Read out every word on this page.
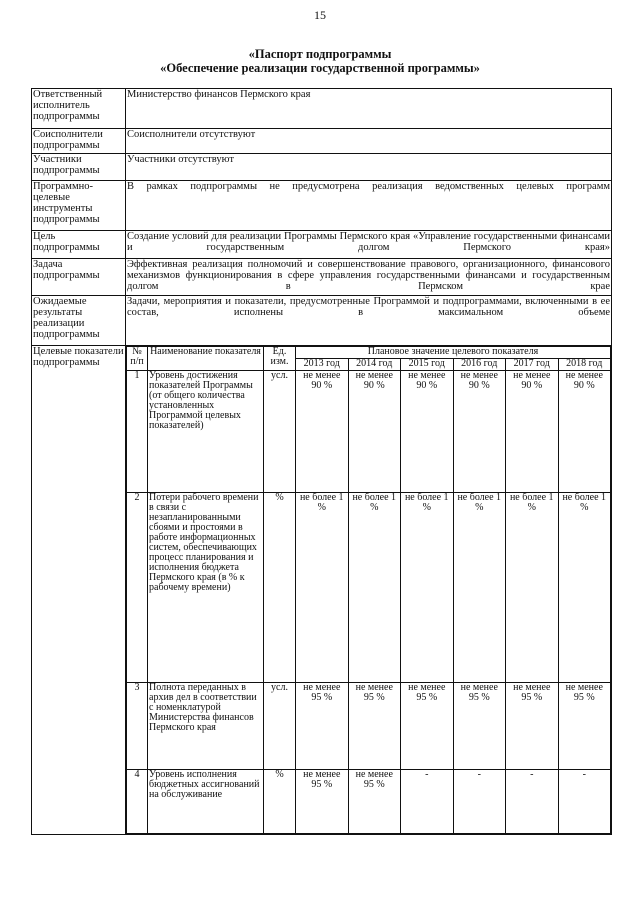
15
«Паспорт подпрограммы
«Обеспечение реализации государственной программы»
Ответственный исполнитель подпрограммы	Министерство финансов Пермского края
Соисполнители подпрограммы	Соисполнители отсутствуют
Участники подпрограммы	Участники отсутствуют
Программно-целевые инструменты подпрограммы	В рамках подпрограммы не предусмотрена реализация ведомственных целевых программ
Цель подпрограммы	Создание условий для реализации Программы Пермского края «Управление государственными финансами и государственным долгом Пермского края»
Задача подпрограммы	Эффективная реализация полномочий и совершенствование правового, организационного, финансового механизмов функционирования в сфере управления государственными финансами и государственным долгом в Пермском крае
Ожидаемые результаты реализации подпрограммы	Задачи, мероприятия и показатели, предусмотренные Программой и подпрограммами, включенными в ее состав, исполнены в максимальном объеме
Целевые показатели подпрограммы	
№ п/п	Наименование показателя	Ед. изм.	Плановое значение целевого показателя
2013 год	2014 год	2015 год	2016 год	2017 год	2018 год
1	Уровень достижения показателей Программы (от общего количества установленных Программой целевых показателей)	усл.	не менее 90 %	не менее 90 %	не менее 90 %	не менее 90 %	не менее 90 %	не менее 90 %
2	Потери рабочего времени в связи с незапланированными сбоями и простоями в работе информационных систем, обеспечивающих процесс планирования и исполнения бюджета Пермского края (в % к рабочему времени)	%	не более 1 %	не более 1 %	не более 1 %	не более 1 %	не более 1 %	не более 1 %
3	Полнота переданных в архив дел в соответствии с номенклатурой Министерства финансов Пермского края	усл.	не менее 95 %	не менее 95 %	не менее 95 %	не менее 95 %	не менее 95 %	не менее 95 %
4	Уровень исполнения бюджетных ассигнований на обслуживание	%	не менее 95 %	не менее 95 %	-	-	-	-
